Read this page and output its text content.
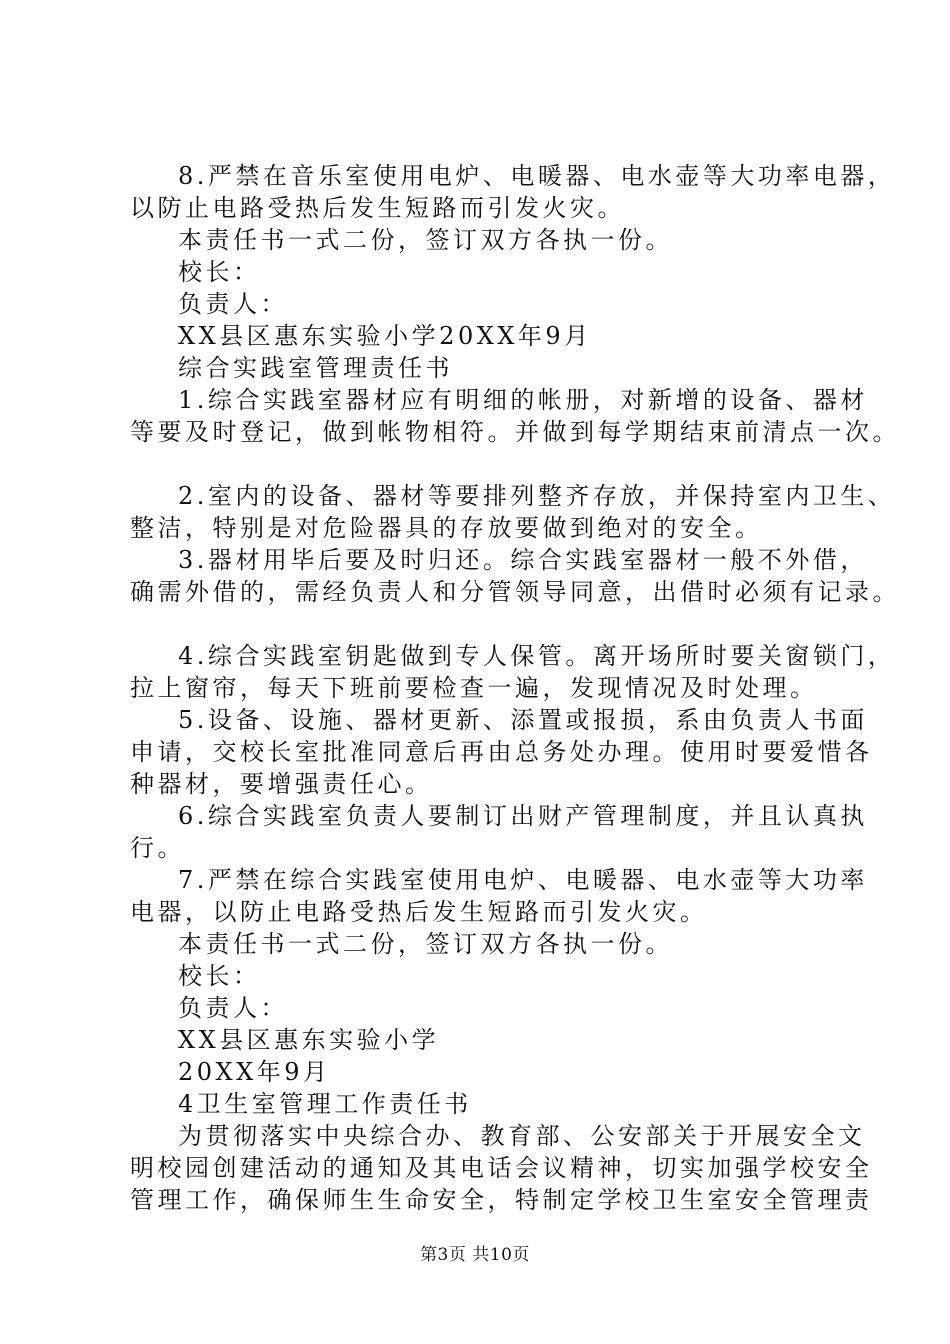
8.严禁在音乐室使用电炉、电暖器、电水壶等大功率电器，
以防止电路受热后发生短路而引发火灾。
本责任书一式二份，签订双方各执一份。
校长：
负责人：
XX县区惠东实验小学20XX年9月
综合实践室管理责任书
1.综合实践室器材应有明细的帐册，对新增的设备、器材
等要及时登记，做到帐物相符。并做到每学期结束前清点一次。
2.室内的设备、器材等要排列整齐存放，并保持室内卫生、
整洁，特别是对危险器具的存放要做到绝对的安全。
3.器材用毕后要及时归还。综合实践室器材一般不外借，
确需外借的，需经负责人和分管领导同意，出借时必须有记录。
4.综合实践室钥匙做到专人保管。离开场所时要关窗锁门，
拉上窗帘，每天下班前要检查一遍，发现情况及时处理。
5.设备、设施、器材更新、添置或报损，系由负责人书面
申请，交校长室批准同意后再由总务处办理。使用时要爱惜各
种器材，要增强责任心。
6.综合实践室负责人要制订出财产管理制度，并且认真执
行。
7.严禁在综合实践室使用电炉、电暖器、电水壶等大功率
电器，以防止电路受热后发生短路而引发火灾。
本责任书一式二份，签订双方各执一份。
校长：
负责人：
XX县区惠东实验小学
20XX年9月
4卫生室管理工作责任书
为贯彻落实中央综合办、教育部、公安部关于开展安全文
明校园创建活动的通知及其电话会议精神，切实加强学校安全
管理工作，确保师生生命安全，特制定学校卫生室安全管理责
第3页 共10页
